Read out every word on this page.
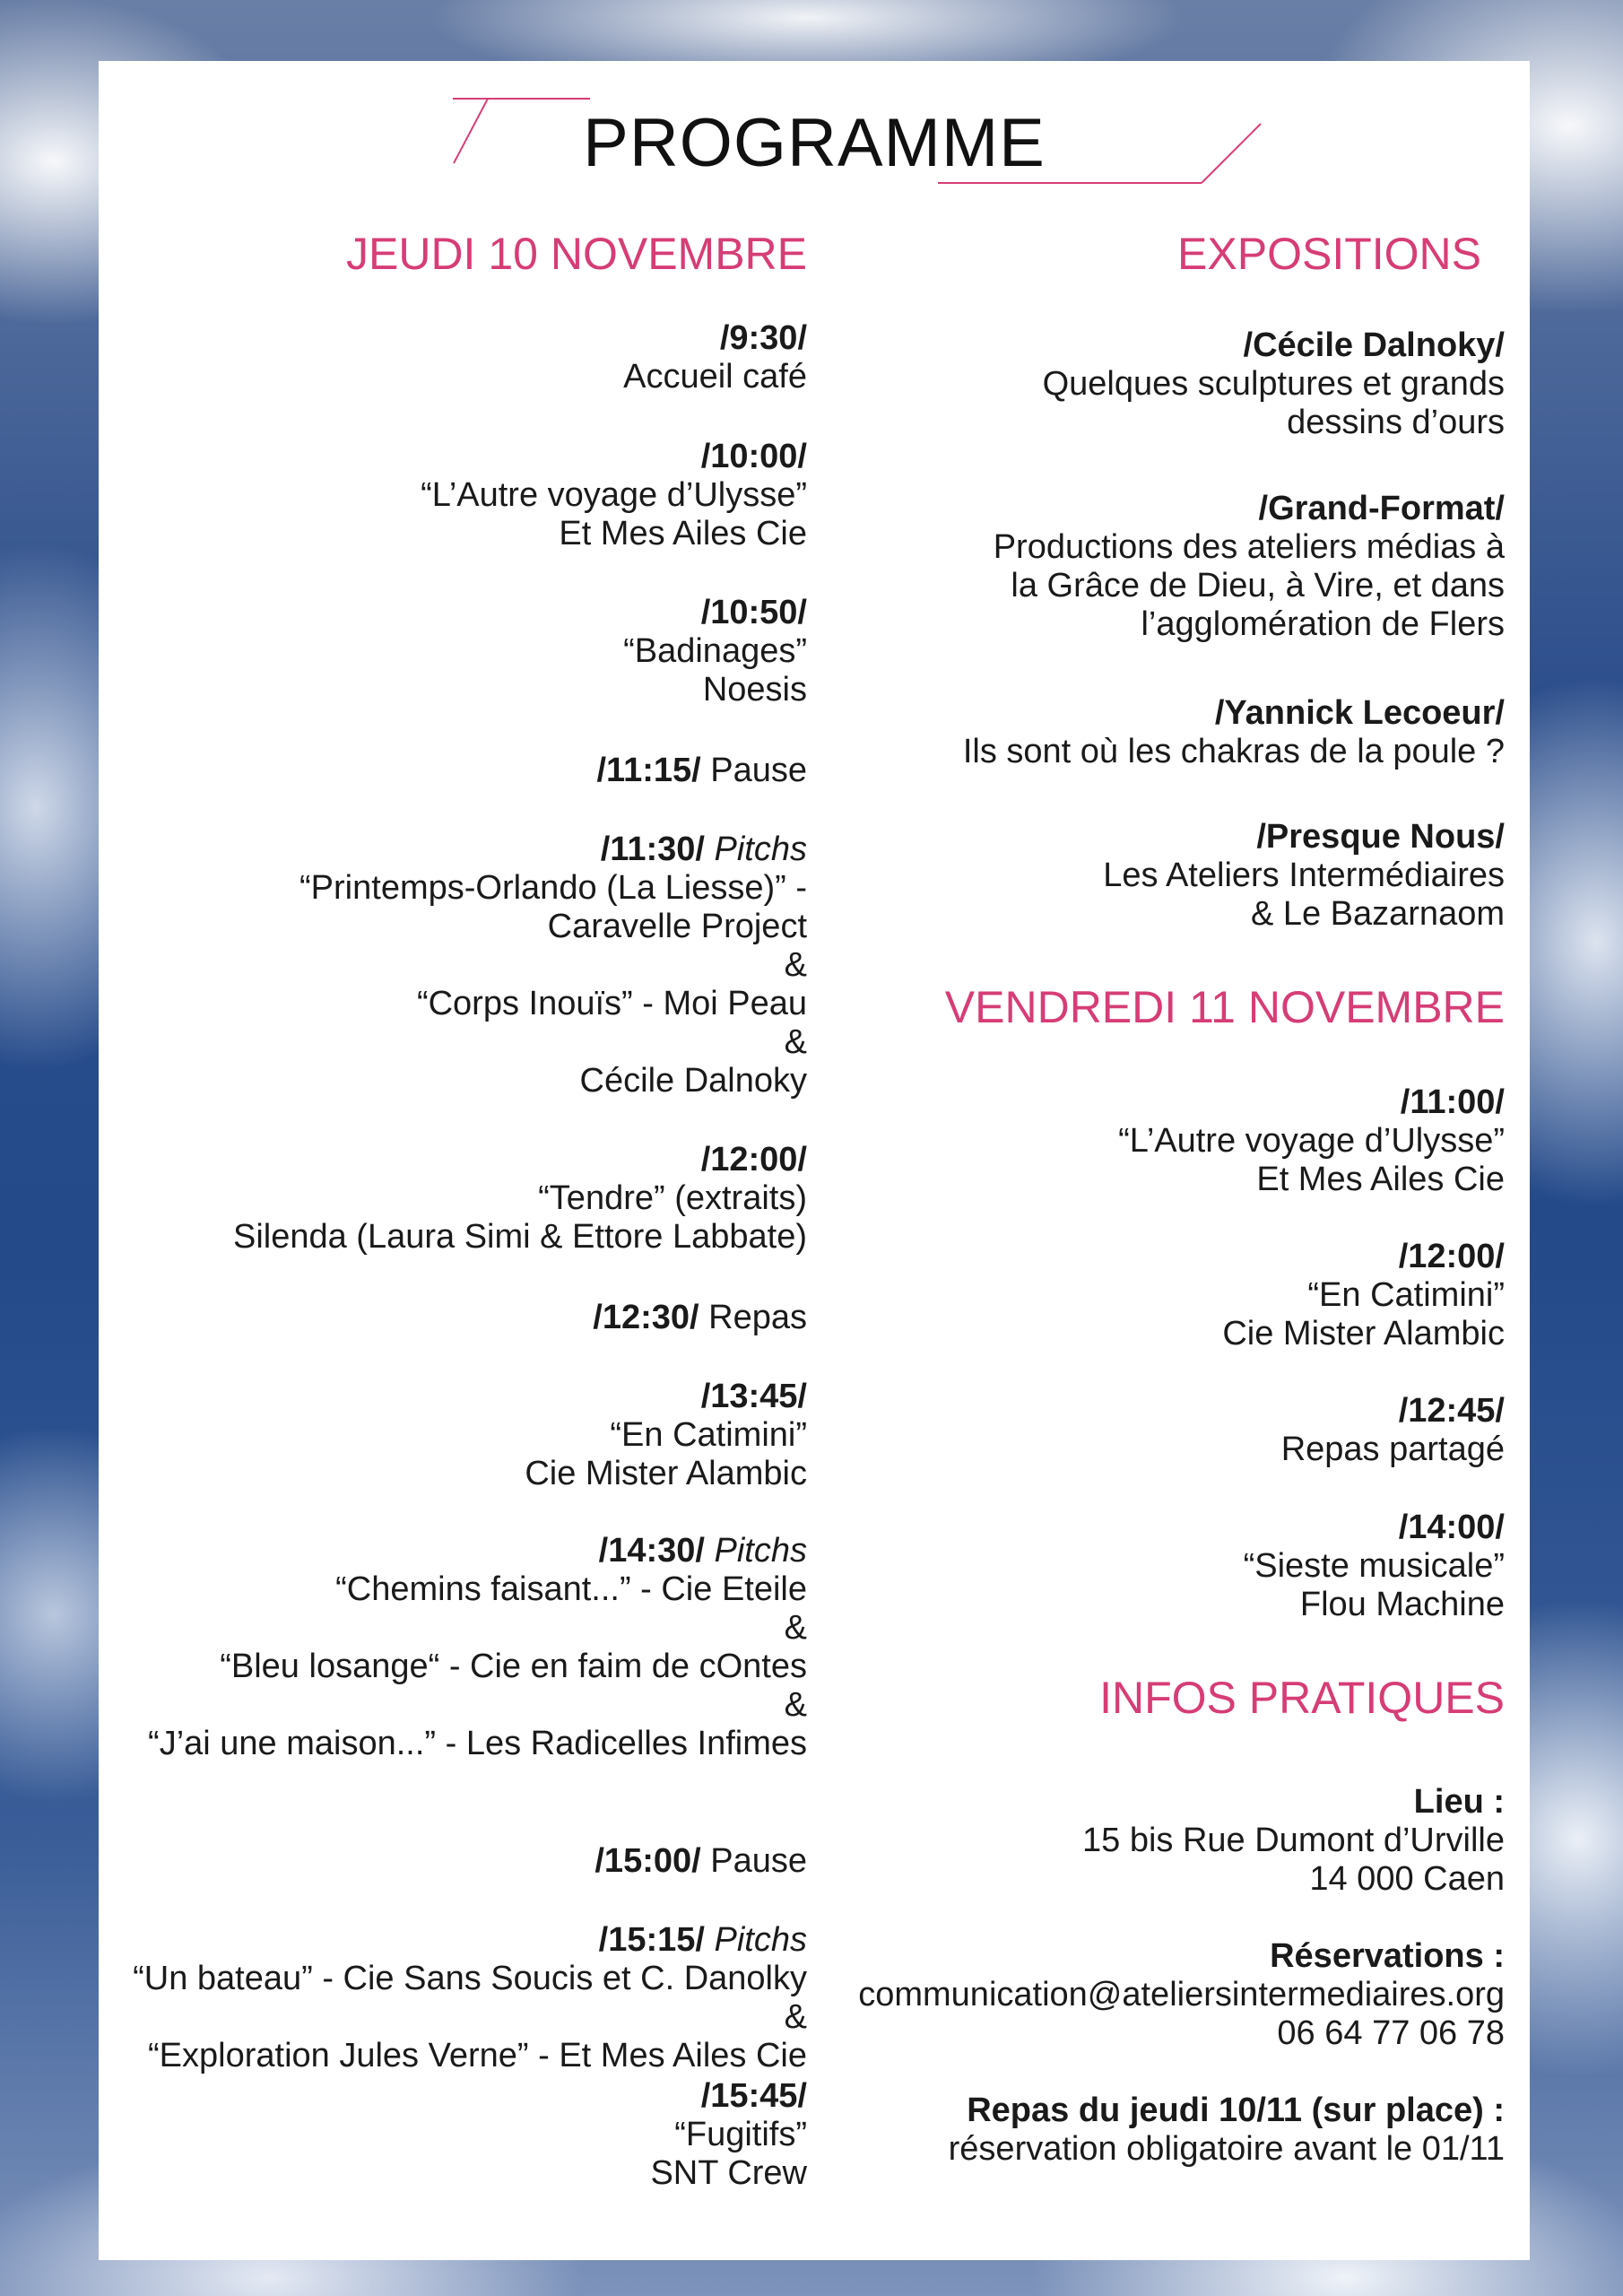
PROGRAMME
JEUDI 10 NOVEMBRE
/9:30/
Accueil café
/10:00/
“L’Autre voyage d’Ulysse”
Et Mes Ailes Cie
/10:50/
“Badinages”
Noesis
/11:15/ Pause
/11:30/ Pitchs
“Printemps-Orlando (La Liesse)” -
Caravelle Project
&
“Corps Inouïs” - Moi Peau
&
Cécile Dalnoky
/12:00/
“Tendre” (extraits)
Silenda (Laura Simi & Ettore Labbate)
/12:30/ Repas
/13:45/
“En Catimini”
Cie Mister Alambic
/14:30/ Pitchs
“Chemins faisant...” - Cie Eteile
&
“Bleu losange“ - Cie en faim de cOntes
&
“J’ai une maison...” - Les Radicelles Infimes
/15:00/ Pause
/15:15/ Pitchs
“Un bateau” - Cie Sans Soucis et C. Danolky
&
“Exploration Jules Verne” - Et Mes Ailes Cie
/15:45/
“Fugitifs”
SNT Crew
EXPOSITIONS
/Cécile Dalnoky/
Quelques sculptures et grands
dessins d’ours
/Grand-Format/
Productions des ateliers médias à
la Grâce de Dieu, à Vire, et dans
l’agglomération de Flers
/Yannick Lecoeur/
Ils sont où les chakras de la poule ?
/Presque Nous/
Les Ateliers Intermédiaires
& Le Bazarnaom
VENDREDI 11 NOVEMBRE
/11:00/
“L’Autre voyage d’Ulysse”
Et Mes Ailes Cie
/12:00/
“En Catimini”
Cie Mister Alambic
/12:45/
Repas partagé
/14:00/
“Sieste musicale”
Flou Machine
INFOS PRATIQUES
Lieu :
15 bis Rue Dumont d’Urville
14 000 Caen
Réservations :
communication@ateliersintermediaires.org
06 64 77 06 78
Repas du jeudi 10/11 (sur place) :
réservation obligatoire avant le 01/11
